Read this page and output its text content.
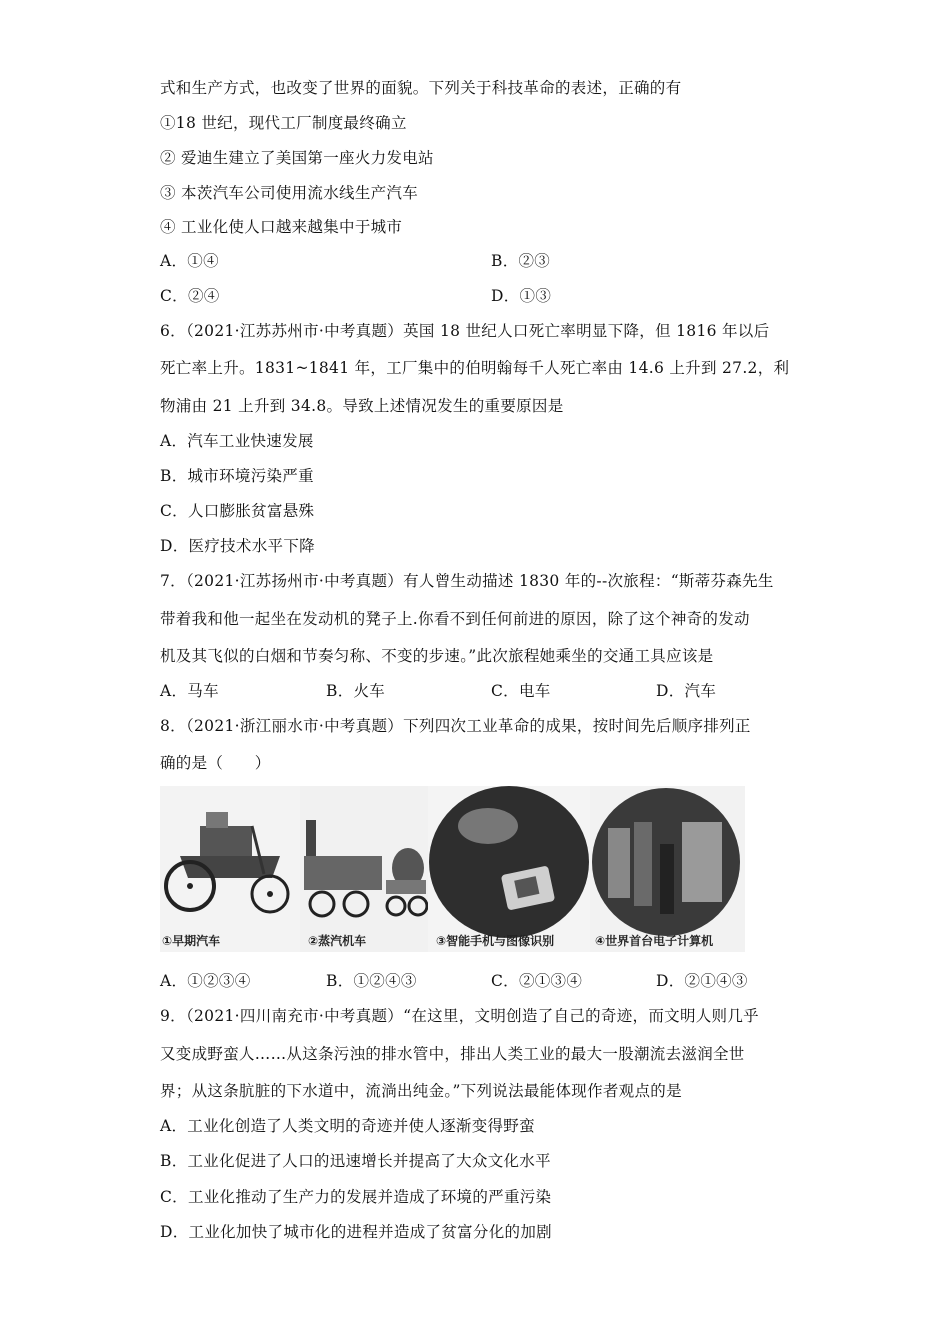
式和生产方式，也改变了世界的面貌。下列关于科技革命的表述，正确的有
①18 世纪，现代工厂制度最终确立
② 爱迪生建立了美国第一座火力发电站
③ 本茨汽车公司使用流水线生产汽车
④ 工业化使人口越来越集中于城市
A．①④	B．②③
C．②④	D．①③
6．（2021·江苏苏州市·中考真题）英国 18 世纪人口死亡率明显下降，但 1816 年以后
死亡率上升。1831~1841 年，工厂集中的伯明翰每千人死亡率由 14.6 上升到 27.2，利
物浦由 21 上升到 34.8。导致上述情况发生的重要原因是
A．汽车工业快速发展
B．城市环境污染严重
C．人口膨胀贫富悬殊
D．医疗技术水平下降
7．（2021·江苏扬州市·中考真题）有人曾生动描述 1830 年的--次旅程：“斯蒂芬森先生
带着我和他一起坐在发动机的凳子上.你看不到任何前进的原因，除了这个神奇的发动
机及其飞似的白烟和节奏匀称、不变的步速。”此次旅程她乘坐的交通工具应该是
A．马车	B．火车	C．电车	D．汽车
8．（2021·浙江丽水市·中考真题）下列四次工业革命的成果，按时间先后顺序排列正
确的是（　　）
①早期汽车	②蒸汽机车	③智能手机与图像识别	④世界首台电子计算机
A．①②③④	B．①②④③	C．②①③④	D．②①④③
9．（2021·四川南充市·中考真题）“在这里，文明创造了自己的奇迹，而文明人则几乎
又变成野蛮人……从这条污浊的排水管中，排出人类工业的最大一股潮流去滋润全世
界；从这条肮脏的下水道中，流淌出纯金。”下列说法最能体现作者观点的是
A．工业化创造了人类文明的奇迹并使人逐渐变得野蛮
B．工业化促进了人口的迅速增长并提高了大众文化水平
C．工业化推动了生产力的发展并造成了环境的严重污染
D．工业化加快了城市化的进程并造成了贫富分化的加剧
